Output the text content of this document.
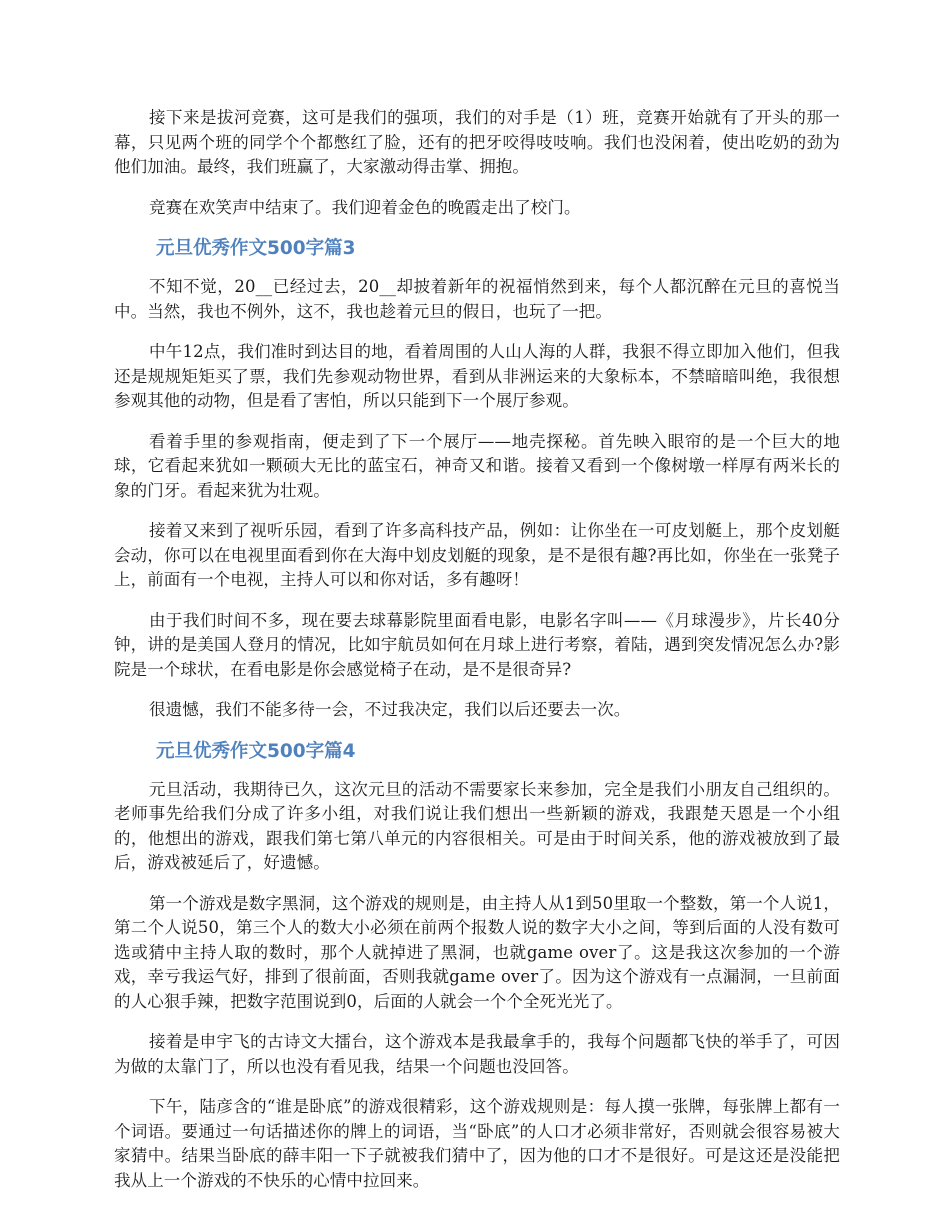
接下来是拔河竞赛，这可是我们的强项，我们的对手是（1）班，竞赛开始就有了开头的那一幕，只见两个班的同学个个都憋红了脸，还有的把牙咬得吱吱响。我们也没闲着，使出吃奶的劲为他们加油。最终，我们班赢了，大家激动得击掌、拥抱。

竞赛在欢笑声中结束了。我们迎着金色的晚霞走出了校门。

元旦优秀作文500字篇3

不知不觉，20__已经过去，20__却披着新年的祝福悄然到来，每个人都沉醉在元旦的喜悦当中。当然，我也不例外，这不，我也趁着元旦的假日，也玩了一把。

中午12点，我们准时到达目的地，看着周围的人山人海的人群，我狠不得立即加入他们，但我还是规规矩矩买了票，我们先参观动物世界，看到从非洲运来的大象标本，不禁暗暗叫绝，我很想参观其他的动物，但是看了害怕，所以只能到下一个展厅参观。

看着手里的参观指南，便走到了下一个展厅——地壳探秘。首先映入眼帘的是一个巨大的地球，它看起来犹如一颗硕大无比的蓝宝石，神奇又和谐。接着又看到一个像树墩一样厚有两米长的象的门牙。看起来犹为壮观。

接着又来到了视听乐园，看到了许多高科技产品，例如：让你坐在一可皮划艇上，那个皮划艇会动，你可以在电视里面看到你在大海中划皮划艇的现象，是不是很有趣?再比如，你坐在一张凳子上，前面有一个电视，主持人可以和你对话，多有趣呀！

由于我们时间不多，现在要去球幕影院里面看电影，电影名字叫——《月球漫步》，片长40分钟，讲的是美国人登月的情况，比如宇航员如何在月球上进行考察，着陆，遇到突发情况怎么办?影院是一个球状，在看电影是你会感觉椅子在动，是不是很奇异?

很遗憾，我们不能多待一会，不过我决定，我们以后还要去一次。

元旦优秀作文500字篇4

元旦活动，我期待已久，这次元旦的活动不需要家长来参加，完全是我们小朋友自己组织的。老师事先给我们分成了许多小组，对我们说让我们想出一些新颖的游戏，我跟楚天恩是一个小组的，他想出的游戏，跟我们第七第八单元的内容很相关。可是由于时间关系，他的游戏被放到了最后，游戏被延后了，好遗憾。

第一个游戏是数字黑洞，这个游戏的规则是，由主持人从1到50里取一个整数，第一个人说1，第二个人说50，第三个人的数大小必须在前两个报数人说的数字大小之间，等到后面的人没有数可选或猜中主持人取的数时，那个人就掉进了黑洞，也就game over了。这是我这次参加的一个游戏，幸亏我运气好，排到了很前面，否则我就game over了。因为这个游戏有一点漏洞，一旦前面的人心狠手辣，把数字范围说到0，后面的人就会一个个全死光光了。

接着是申宇飞的古诗文大擂台，这个游戏本是我最拿手的，我每个问题都飞快的举手了，可因为做的太靠门了，所以也没有看见我，结果一个问题也没回答。

下午，陆彦含的“谁是卧底”的游戏很精彩，这个游戏规则是：每人摸一张牌，每张牌上都有一个词语。要通过一句话描述你的牌上的词语，当“卧底”的人口才必须非常好，否则就会很容易被大家猜中。结果当卧底的薛丰阳一下子就被我们猜中了，因为他的口才不是很好。可是这还是没能把我从上一个游戏的不快乐的心情中拉回来。
